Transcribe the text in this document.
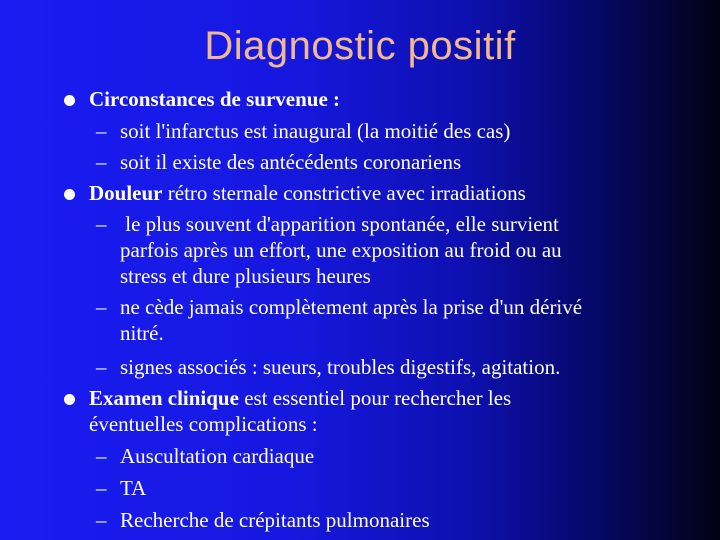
Diagnostic positif
Circonstances de survenue :
– soit l'infarctus est inaugural (la moitié des cas)
– soit il existe des antécédents coronariens
Douleur rétro sternale constrictive avec irradiations
– le plus souvent d'apparition spontanée, elle survient
parfois après un effort, une exposition au froid ou au
stress et dure plusieurs heures
– ne cède jamais complètement après la prise d'un dérivé
nitré.
– signes associés : sueurs, troubles digestifs, agitation.
Examen clinique est essentiel pour rechercher les
éventuelles complications :
– Auscultation cardiaque
– TA
– Recherche de crépitants pulmonaires
